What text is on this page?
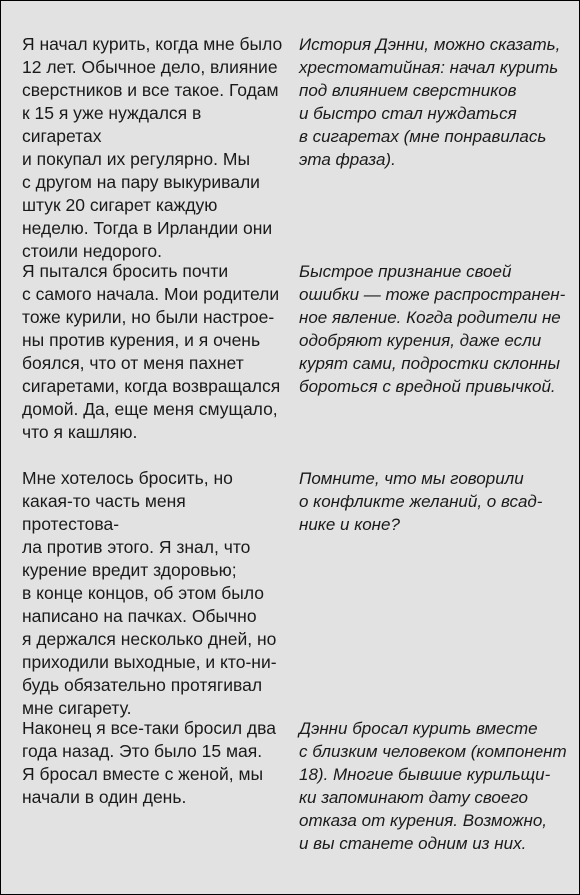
Я начал курить, когда мне было
12 лет. Обычное дело, влияние
сверстников и все такое. Годам
к 15 я уже нуждался в сигаретах
и покупал их регулярно. Мы
с другом на пару выкуривали
штук 20 сигарет каждую
неделю. Тогда в Ирландии они
стоили недорого.
История Дэнни, можно сказать,
хрестоматийная: начал курить
под влиянием сверстников
и быстро стал нуждаться
в сигаретах (мне понравилась
эта фраза).
Я пытался бросить почти
с самого начала. Мои родители
тоже курили, но были настрое-
ны против курения, и я очень
боялся, что от меня пахнет
сигаретами, когда возвращался
домой. Да, еще меня смущало,
что я кашляю.
Быстрое признание своей
ошибки — тоже распространен-
ное явление. Когда родители не
одобряют курения, даже если
курят сами, подростки склонны
бороться с вредной привычкой.
Мне хотелось бросить, но
какая-то часть меня протестова-
ла против этого. Я знал, что
курение вредит здоровью;
в конце концов, об этом было
написано на пачках. Обычно
я держался несколько дней, но
приходили выходные, и кто-ни-
будь обязательно протягивал
мне сигарету.
Помните, что мы говорили
о конфликте желаний, о всад-
нике и коне?
Наконец я все-таки бросил два
года назад. Это было 15 мая.
Я бросал вместе с женой, мы
начали в один день.
Дэнни бросал курить вместе
с близким человеком (компонент
18). Многие бывшие курильщи-
ки запоминают дату своего
отказа от курения. Возможно,
и вы станете одним из них.
